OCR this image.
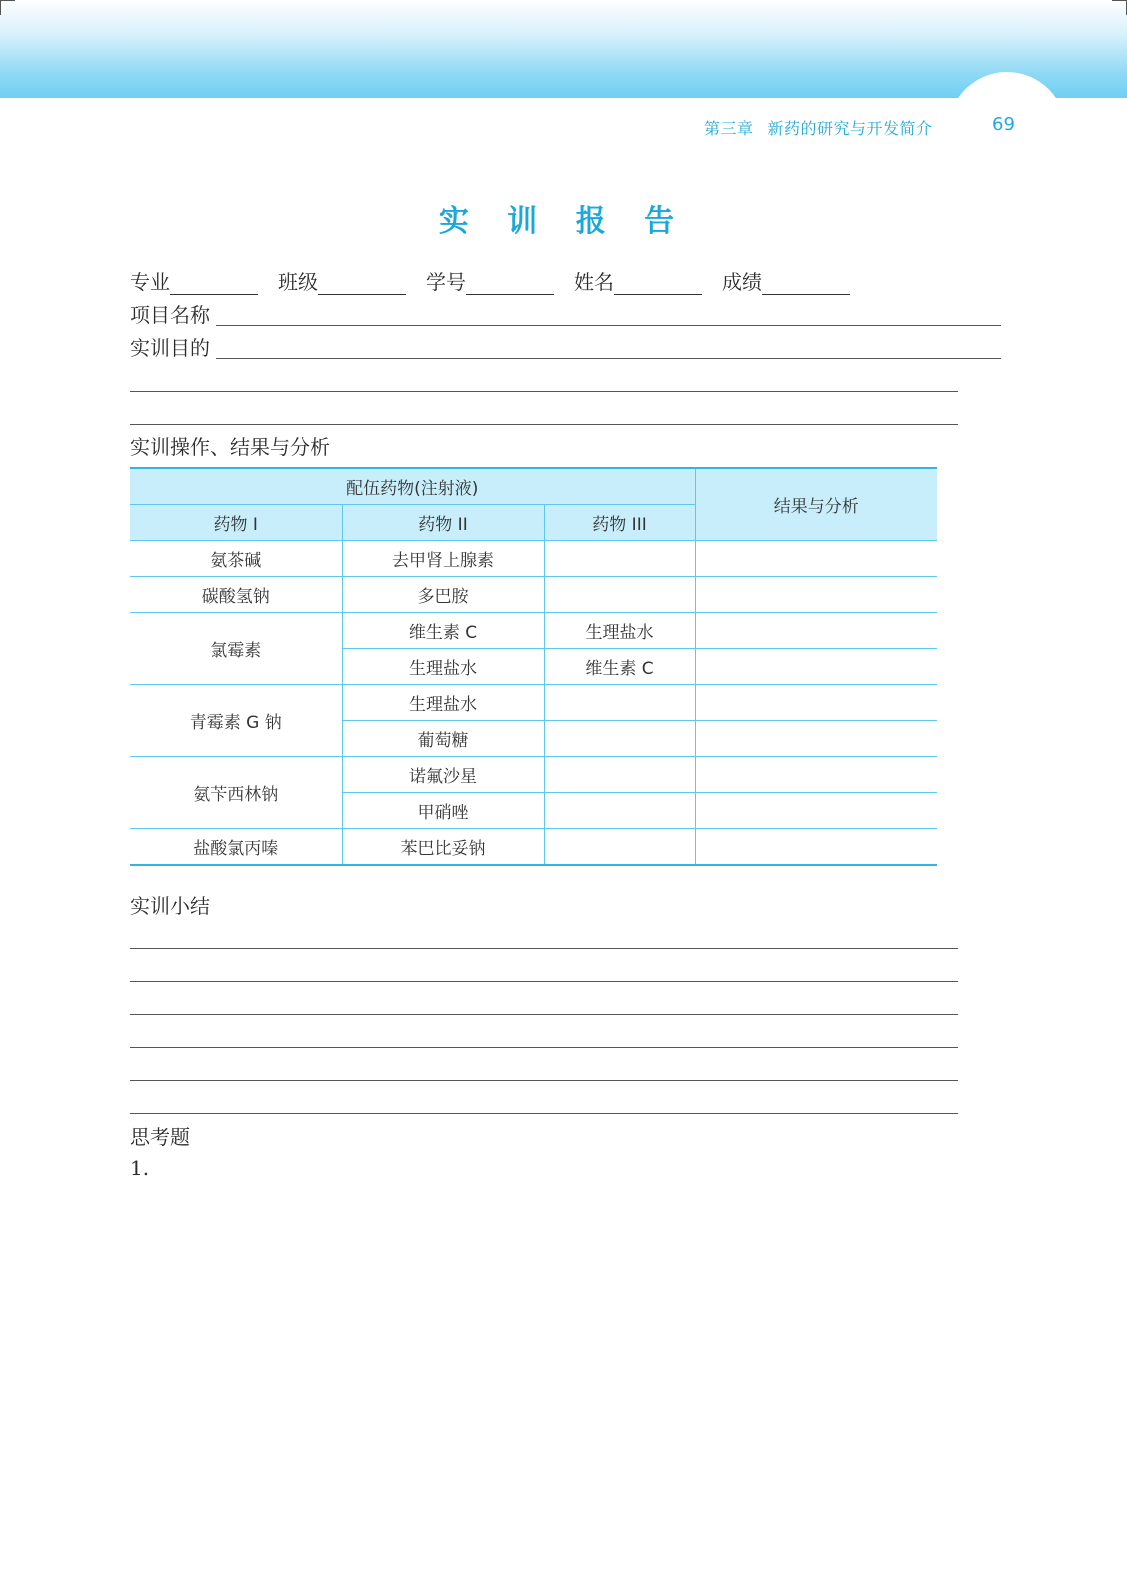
第三章 新药的研究与开发简介	69
实 训 报 告
专业	班级	学号	姓名	成绩
项目名称
实训目的
实训操作、结果与分析
配伍药物(注射液)			结果与分析
药物 I	药物 II	药物 III	
氨茶碱	去甲肾上腺素		
碳酸氢钠	多巴胺		
氯霉素	维生素 C	生理盐水	
	生理盐水	维生素 C	
青霉素 G 钠	生理盐水		
	葡萄糖		
氨苄西林钠	诺氟沙星		
	甲硝唑		
盐酸氯丙嗪	苯巴比妥钠		
实训小结
思考题
1.
